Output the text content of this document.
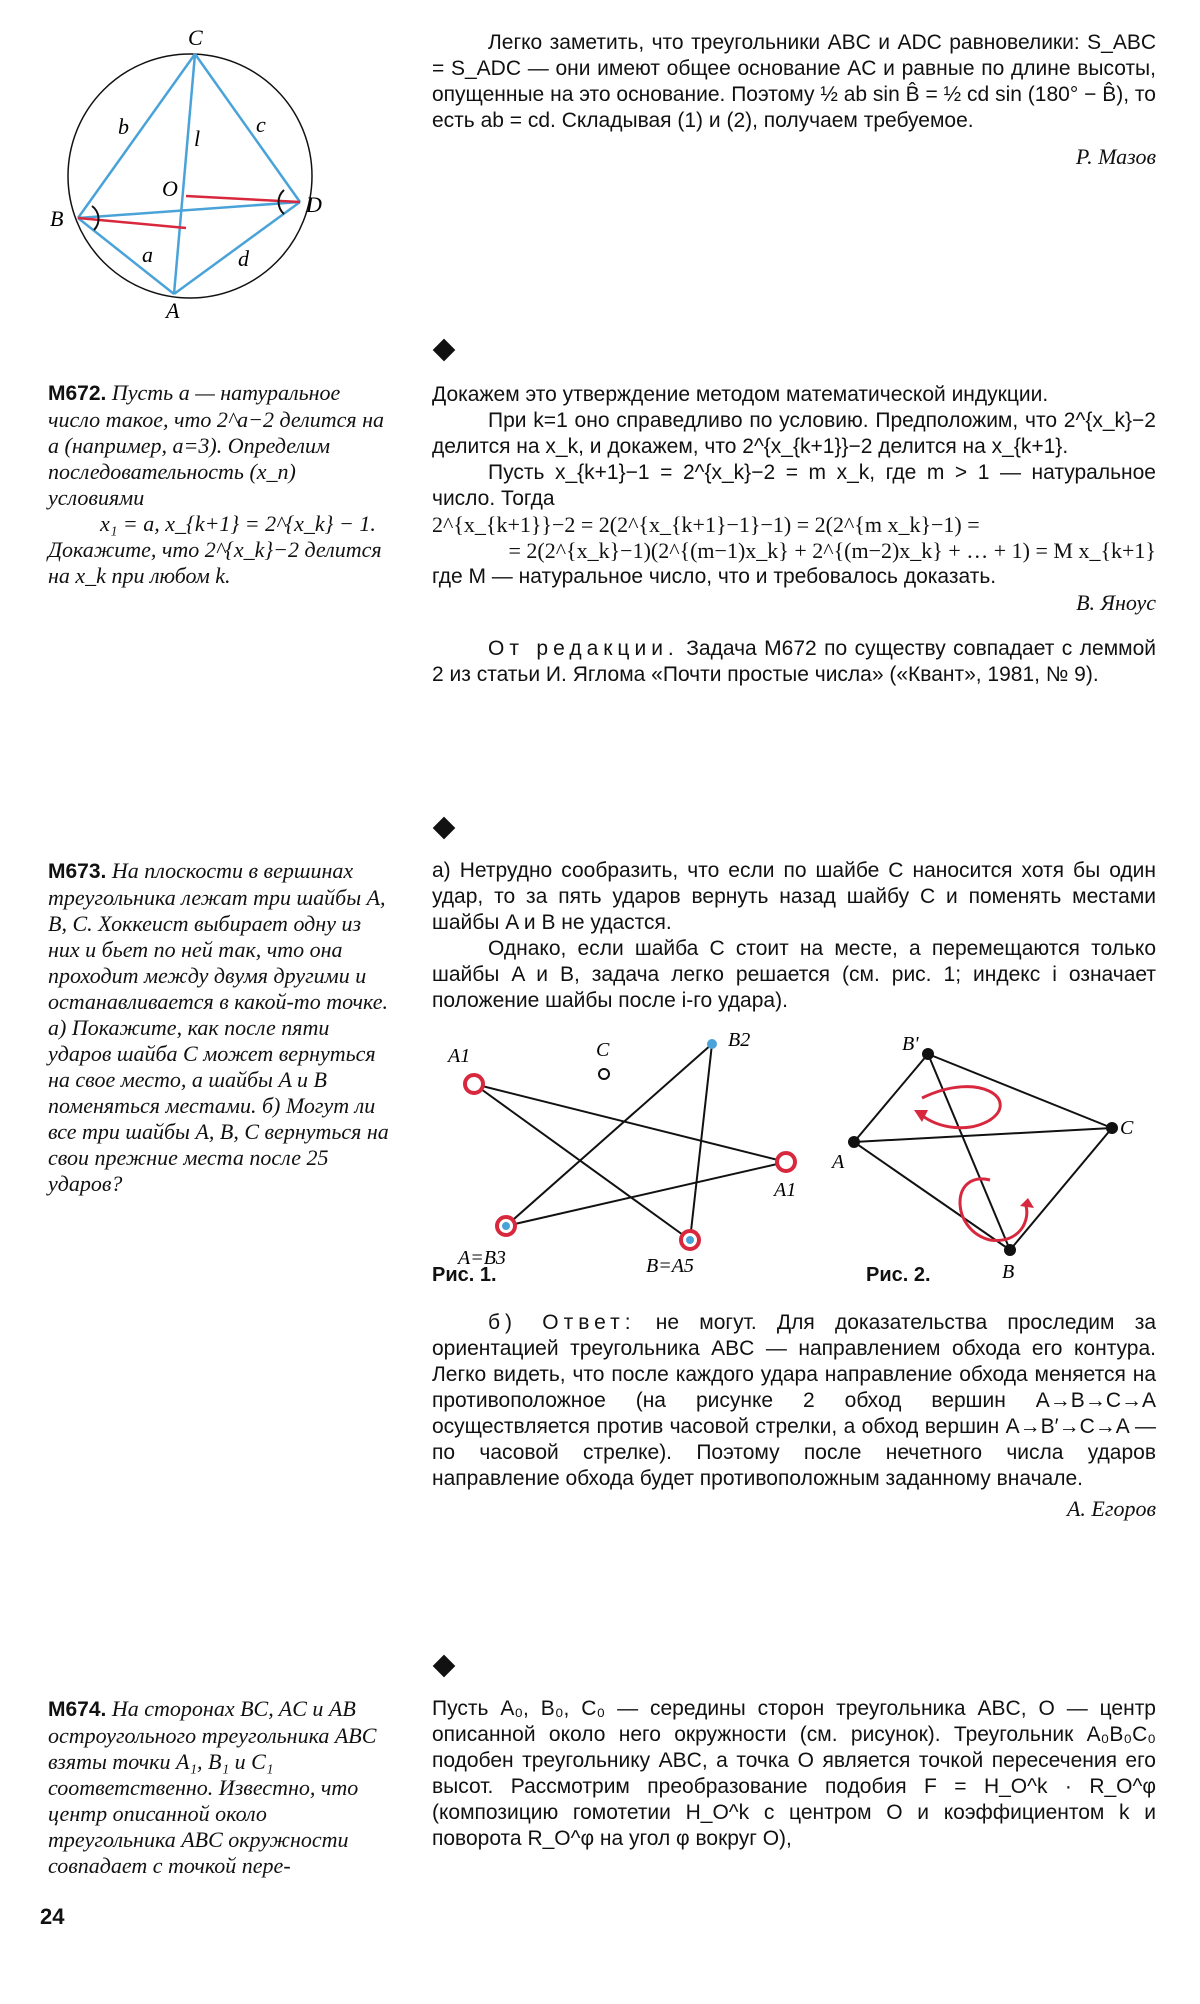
C
B
D
A
O
b	c
l
a	d

Легко заметить, что треугольники ABC и ADC равновелики: S_ABC = S_ADC — они имеют общее основание AC и равные по длине высоты, опущенные на это основание. Поэтому ½ ab sin B̂ = ½ cd sin (180° − B̂), то есть ab = cd. Складывая (1) и (2), получаем требуемое.

Р. Мазов
М672. Пусть a — натуральное число такое, что 2^a−2 делится на a (например, a=3). Определим последовательность (x_n) условиями
x₁ = a, x_{k+1} = 2^{x_k} − 1.
Докажите, что 2^{x_k}−2 делится на x_k при любом k.

Докажем это утверждение методом математической индукции.

При k=1 оно справедливо по условию. Предположим, что 2^{x_k}−2 делится на x_k, и докажем, что 2^{x_{k+1}}−2 делится на x_{k+1}.

Пусть x_{k+1}−1 = 2^{x_k}−2 = m x_k, где m > 1 — натуральное число. Тогда

2^{x_{k+1}}−2 = 2(2^{x_{k+1}−1}−1) = 2(2^{m x_k}−1) =
= 2(2^{x_k}−1)(2^{(m−1)x_k} + 2^{(m−2)x_k} + … + 1) = M x_{k+1}

где M — натуральное число, что и требовалось доказать.

В. Яноус

От редакции. Задача М672 по существу совпадает с леммой 2 из статьи И. Яглома «Почти простые числа» («Квант», 1981, № 9).

М673. На плоскости в вершинах треугольника лежат три шайбы A, B, C. Хоккеист выбирает одну из них и бьет по ней так, что она проходит между двумя другими и останавливается в какой-то точке. а) Покажите, как после пяти ударов шайба C может вернуться на свое место, а шайбы A и B поменяться местами. б) Могут ли все три шайбы A, B, C вернуться на свои прежние места после 25 ударов?

а) Нетрудно сообразить, что если по шайбе C наносится хотя бы один удар, то за пять ударов вернуть назад шайбу C и поменять местами шайбы A и B не удастся.

Однако, если шайба C стоит на месте, а перемещаются только шайбы A и B, задача легко решается (см. рис. 1; индекс i означает положение шайбы после i-го удара).

A1	C	B2
A1
A=B3	B=A5
Рис. 1.
B'
C
A
B
Рис. 2.

б) Ответ: не могут. Для доказательства проследим за ориентацией треугольника ABC — направлением обхода его контура. Легко видеть, что после каждого удара направление обхода меняется на противоположное (на рисунке 2 обход вершин A→B→C→A осуществляется против часовой стрелки, а обход вершин A→B′→C→A — по часовой стрелке). Поэтому после нечетного числа ударов направление обхода будет противоположным заданному вначале.

А. Егоров
М674. На сторонах BC, AC и AB остроугольного треугольника ABC взяты точки A₁, B₁ и C₁ соответственно. Известно, что центр описанной около треугольника ABC окружности совпадает с точкой пере-

Пусть A₀, B₀, C₀ — середины сторон треугольника ABC, O — центр описанной около него окружности (см. рисунок). Треугольник A₀B₀C₀ подобен треугольнику ABC, а точка O является точкой пересечения его высот. Рассмотрим преобразование подобия F = H_O^k · R_O^φ (композицию гомотетии H_O^k с центром O и коэффициентом k и поворота R_O^φ на угол φ вокруг O),

24
